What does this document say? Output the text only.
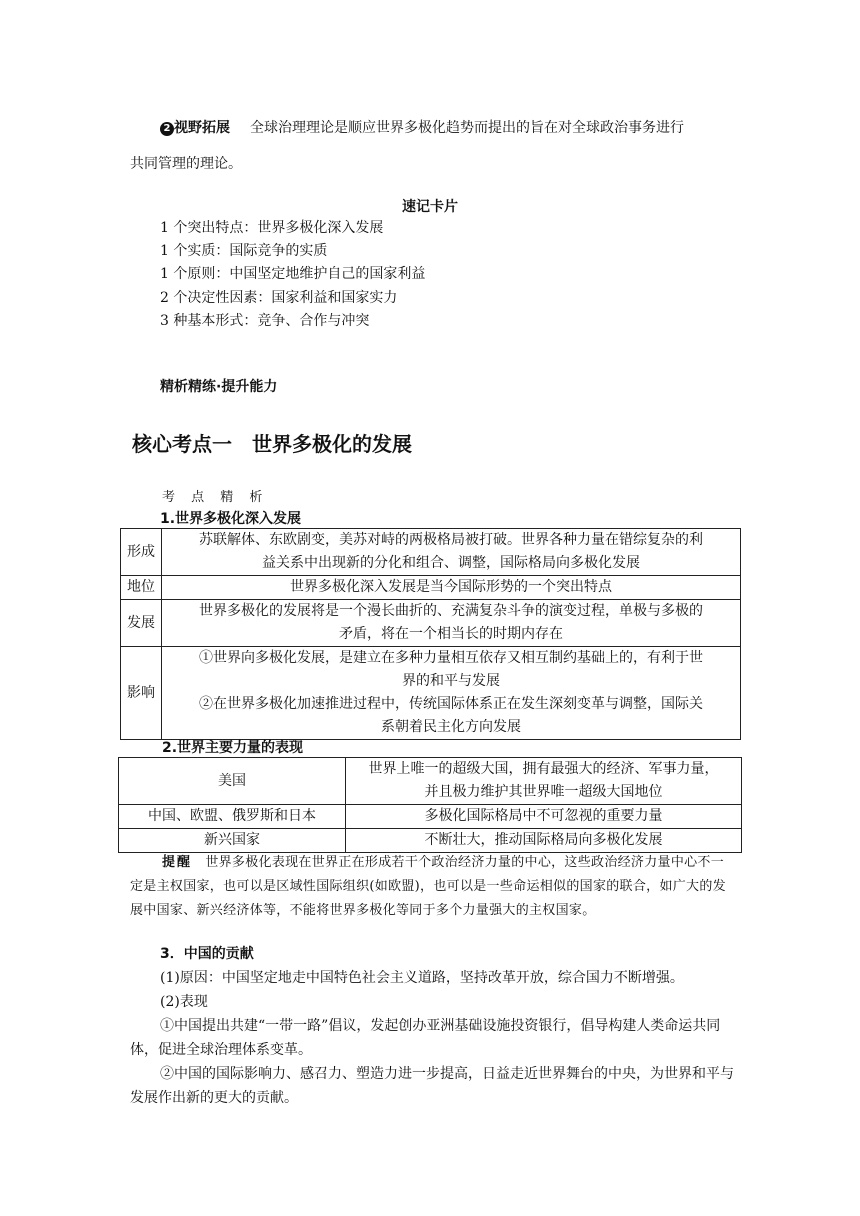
2 视野拓展 全球治理理论是顺应世界多极化趋势而提出的旨在对全球政治事务进行
共同管理的理论。
速记卡片
1 个突出特点：世界多极化深入发展
1 个实质：国际竞争的实质
1 个原则：中国坚定地维护自己的国家利益
2 个决定性因素：国家利益和国家实力
3 种基本形式：竞争、合作与冲突
精析精练·提升能力
核心考点一　世界多极化的发展
考 点 精 析
1.世界多极化深入发展
形成	苏联解体、东欧剧变，美苏对峙的两极格局被打破。世界各种力量在错综复杂的利
益关系中出现新的分化和组合、调整，国际格局向多极化发展

地位	世界多极化深入发展是当今国际形势的一个突出特点

发展	世界多极化的发展将是一个漫长曲折的、充满复杂斗争的演变过程，单极与多极的
矛盾，将在一个相当长的时期内存在

影响	①世界向多极化发展，是建立在多种力量相互依存又相互制约基础上的，有利于世
界的和平与发展
②在世界多极化加速推进过程中，传统国际体系正在发生深刻变革与调整，国际关
系朝着民主化方向发展
2.世界主要力量的表现
美国	世界上唯一的超级大国，拥有最强大的经济、军事力量，
并且极力维护其世界唯一超级大国地位

中国、欧盟、俄罗斯和日本	多极化国际格局中不可忽视的重要力量

新兴国家	不断壮大，推动国际格局向多极化发展
提醒 世界多极化表现在世界正在形成若干个政治经济力量的中心，这些政治经济力量中心不一定是主权国家，也可以是区域性国际组织(如欧盟)，也可以是一些命运相似的国家的联合，如广大的发展中国家、新兴经济体等，不能将世界多极化等同于多个力量强大的主权国家。
3．中国的贡献
(1)原因：中国坚定地走中国特色社会主义道路，坚持改革开放，综合国力不断增强。
(2)表现
①中国提出共建“一带一路”倡议，发起创办亚洲基础设施投资银行，倡导构建人类命运共同体，促进全球治理体系变革。
②中国的国际影响力、感召力、塑造力进一步提高，日益走近世界舞台的中央，为世界和平与发展作出新的更大的贡献。
